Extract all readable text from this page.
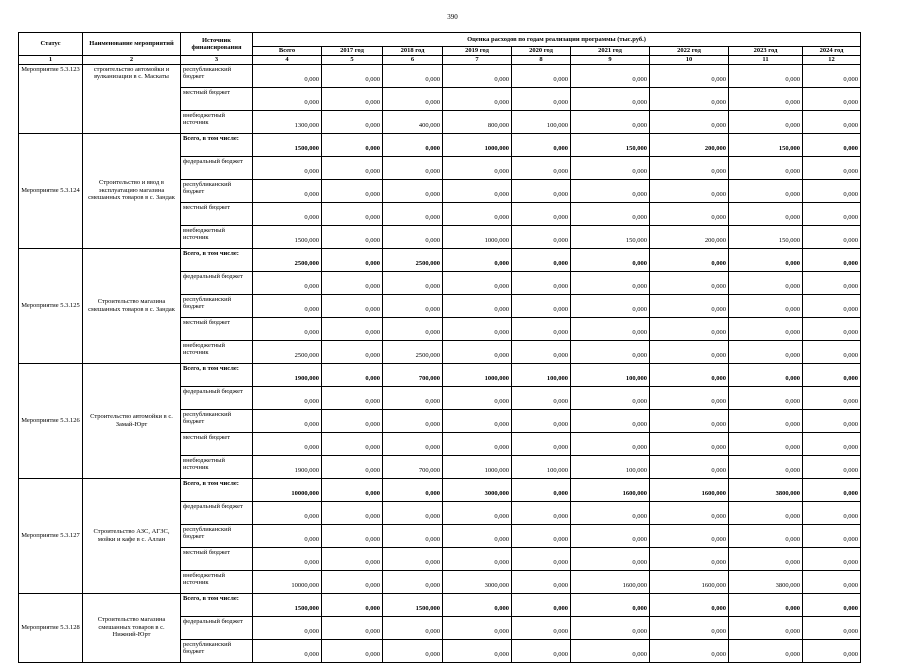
390
Статус	Наименование мероприятий	Источник финансирования	Оценка расходов по годам реализации программы (тыс.руб.)								
			Всего	2017 год	2018 год	2019 год	2020 год	2021 год	2022 год	2023 год	2024 год
1	2	3	4	5	6	7	8	9	10	11	12
Мероприятие 5.3.123	строительство автомойки и вулканизации в с. Маскаты	республиканский бюджет	0,000	0,000	0,000	0,000	0,000	0,000	0,000	0,000	0,000
		местный бюджет	0,000	0,000	0,000	0,000	0,000	0,000	0,000	0,000	0,000
		внебюджетный источник	1300,000	0,000	400,000	800,000	100,000	0,000	0,000	0,000	0,000
Мероприятие 5.3.124	Строительство и ввод в эксплуатацию магазина смешанных товаров в с. Зандак	Всего, в том числе:	1500,000	0,000	0,000	1000,000	0,000	150,000	200,000	150,000	0,000
		федеральный бюджет	0,000	0,000	0,000	0,000	0,000	0,000	0,000	0,000	0,000
		республиканский бюджет	0,000	0,000	0,000	0,000	0,000	0,000	0,000	0,000	0,000
		местный бюджет	0,000	0,000	0,000	0,000	0,000	0,000	0,000	0,000	0,000
		внебюджетный источник	1500,000	0,000	0,000	1000,000	0,000	150,000	200,000	150,000	0,000
Мероприятие 5.3.125	Строительство магазина смешанных товаров в с. Зандак	Всего, в том числе:	2500,000	0,000	2500,000	0,000	0,000	0,000	0,000	0,000	0,000
		федеральный бюджет	0,000	0,000	0,000	0,000	0,000	0,000	0,000	0,000	0,000
		республиканский бюджет	0,000	0,000	0,000	0,000	0,000	0,000	0,000	0,000	0,000
		местный бюджет	0,000	0,000	0,000	0,000	0,000	0,000	0,000	0,000	0,000
		внебюджетный источник	2500,000	0,000	2500,000	0,000	0,000	0,000	0,000	0,000	0,000
Мероприятие 5.3.126	Строительство автомойки в с. Замай-Юрт	Всего, в том числе:	1900,000	0,000	700,000	1000,000	100,000	100,000	0,000	0,000	0,000
		федеральный бюджет	0,000	0,000	0,000	0,000	0,000	0,000	0,000	0,000	0,000
		республиканский бюджет	0,000	0,000	0,000	0,000	0,000	0,000	0,000	0,000	0,000
		местный бюджет	0,000	0,000	0,000	0,000	0,000	0,000	0,000	0,000	0,000
		внебюджетный источник	1900,000	0,000	700,000	1000,000	100,000	100,000	0,000	0,000	0,000
Мероприятие 5.3.127	Строительство АЗС, АГЗС, мойки и кафе в с. Аллан	Всего, в том числе:	10000,000	0,000	0,000	3000,000	0,000	1600,000	1600,000	3800,000	0,000
		федеральный бюджет	0,000	0,000	0,000	0,000	0,000	0,000	0,000	0,000	0,000
		республиканский бюджет	0,000	0,000	0,000	0,000	0,000	0,000	0,000	0,000	0,000
		местный бюджет	0,000	0,000	0,000	0,000	0,000	0,000	0,000	0,000	0,000
		внебюджетный источник	10000,000	0,000	0,000	3000,000	0,000	1600,000	1600,000	3800,000	0,000
Мероприятие 5.3.128	Строительство магазина смешанных товаров в с. Нижний-Юрт	Всего, в том числе:	1500,000	0,000	1500,000	0,000	0,000	0,000	0,000	0,000	0,000
		федеральный бюджет	0,000	0,000	0,000	0,000	0,000	0,000	0,000	0,000	0,000
		республиканский бюджет	0,000	0,000	0,000	0,000	0,000	0,000	0,000	0,000	0,000
